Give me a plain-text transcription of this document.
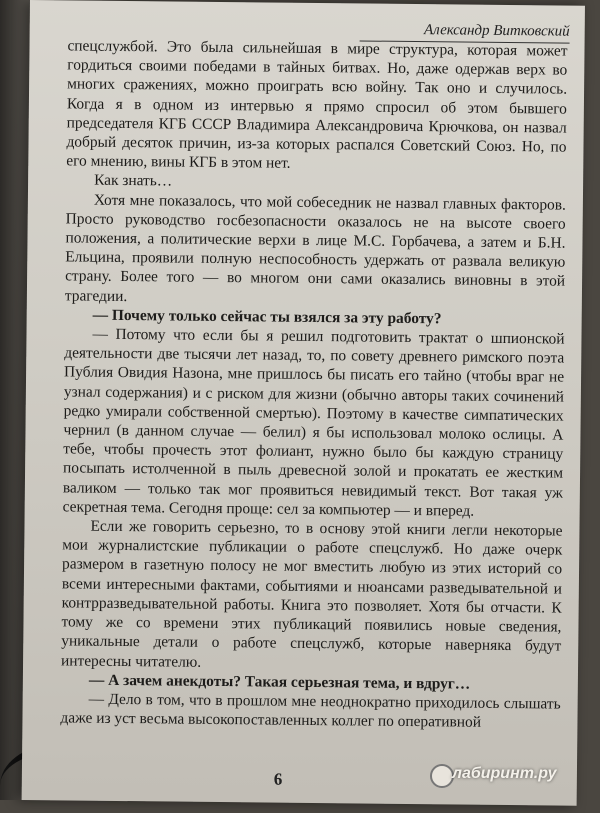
Александр Витковский

спецслужбой. Это была сильнейшая в мире структура, которая может гордиться своими победами в тайных битвах. Но, даже одержав верх во многих сражениях, можно проиграть всю войну. Так оно и случилось. Когда я в одном из интервью я прямо спросил об этом бывшего председателя КГБ СССР Владимира Александровича Крючкова, он назвал добрый десяток причин, из-за которых распался Советский Союз. Но, по его мнению, вины КГБ в этом нет.

Как знать…

Хотя мне показалось, что мой собеседник не назвал главных факторов. Просто руководство госбезопасности оказалось не на высоте своего положения, а политические верхи в лице М.С. Горбачева, а затем и Б.Н. Ельцина, проявили полную неспособность удержать от развала великую страну. Более того — во многом они сами оказались виновны в этой трагедии.

— Почему только сейчас ты взялся за эту работу?

— Потому что если бы я решил подготовить трактат о шпионской деятельности две тысячи лет назад, то, по совету древнего римского поэта Публия Овидия Назона, мне пришлось бы писать его тайно (чтобы враг не узнал содержания) и с риском для жизни (обычно авторы таких сочинений редко умирали собственной смертью). Поэтому в качестве симпатических чернил (в данном случае — белил) я бы использовал молоко ослицы. А тебе, чтобы прочесть этот фолиант, нужно было бы каждую страницу посыпать истолченной в пыль древесной золой и прокатать ее жестким валиком — только так мог проявиться невидимый текст. Вот такая уж секретная тема. Сегодня проще: сел за компьютер — и вперед.

Если же говорить серьезно, то в основу этой книги легли некоторые мои журналистские публикации о работе спецслужб. Но даже очерк размером в газетную полосу не мог вместить любую из этих историй со всеми интересными фактами, событиями и нюансами разведывательной и контрразведывательной работы. Книга это позволяет. Хотя бы отчасти. К тому же со времени этих публикаций появились новые сведения, уникальные детали о работе спецслужб, которые наверняка будут интересны читателю.

— А зачем анекдоты? Такая серьезная тема, и вдруг…

— Дело в том, что в прошлом мне неоднократно приходилось слышать даже из уст весьма высокопоставленных коллег по оперативной

6	лабиринт.ру
